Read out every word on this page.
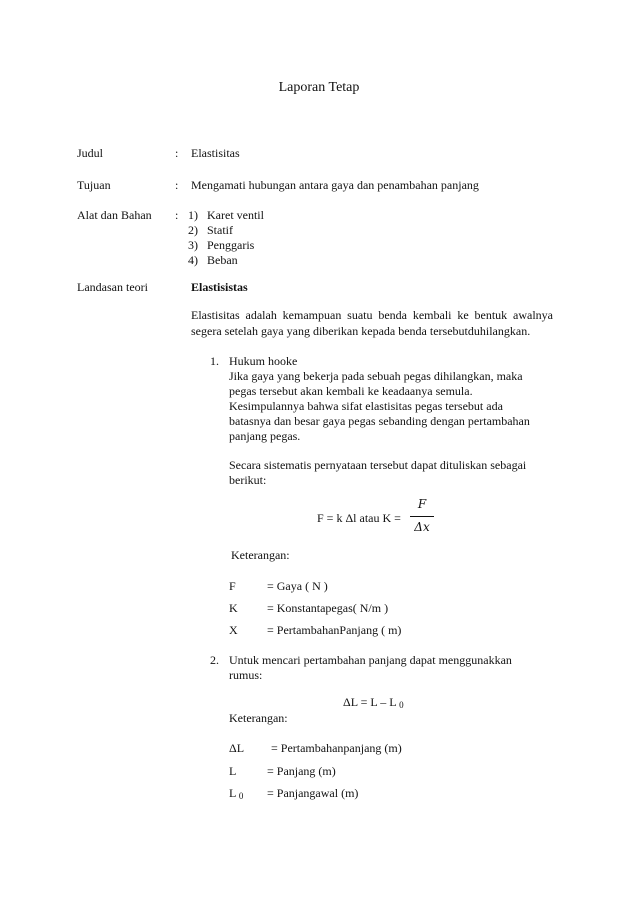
Laporan Tetap
Judul	: Elastisitas
Tujuan	: Mengamati hubungan antara gaya dan penambahan panjang
Alat dan Bahan : 1) Karet ventil
2) Statif
3) Penggaris
4) Beban
Landasan teori	Elastisistas
Elastisitas adalah kemampuan suatu benda kembali ke bentuk awalnya
segera setelah gaya yang diberikan kepada benda tersebutduhilangkan.
1. Hukum hooke
Jika gaya yang bekerja pada sebuah pegas dihilangkan, maka
pegas tersebut akan kembali ke keadaanya semula.
Kesimpulannya bahwa sifat elastisitas pegas tersebut ada
batasnya dan besar gaya pegas sebanding dengan pertambahan
panjang pegas.
Secara sistematis pernyataan tersebut dapat dituliskan sebagai
berikut:
F = k Δl atau K =
F
Δx
Keterangan:
F	= Gaya ( N )
K = Konstantapegas( N/m )
X = PertambahanPanjang ( m)
2. Untuk mencari pertambahan panjang dapat menggunakkan
rumus:
ΔL = L – L 0
Keterangan:
ΔL = Pertambahanpanjang (m)
L	= Panjang (m)
L 0 = Panjangawal (m)
